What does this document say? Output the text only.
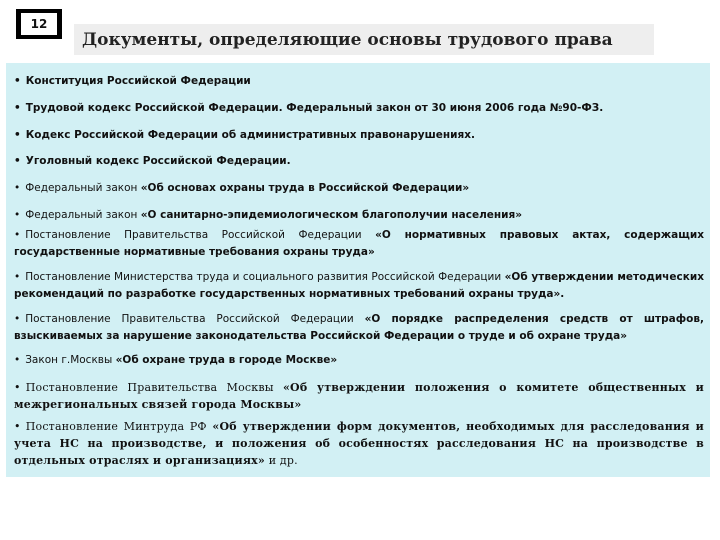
12
Документы, определяющие основы трудового права
• Конституция Российской Федерации
• Трудовой кодекс Российской Федерации. Федеральный закон от 30 июня 2006 года №90-ФЗ.
• Кодекс Российской Федерации об административных правонарушениях.
• Уголовный кодекс Российской Федерации.
• Федеральный закон «Об основах охраны труда в Российской Федерации»
• Федеральный закон «О санитарно-эпидемиологическом благополучии населения»
• Постановление Правительства Российской Федерации «О нормативных правовых актах, содержащих государственные нормативные требования охраны труда»
• Постановление Министерства труда и социального развития Российской Федерации «Об утверждении методических рекомендаций по разработке государственных нормативных требований охраны труда».
• Постановление Правительства Российской Федерации «О порядке распределения средств от штрафов, взыскиваемых за нарушение законодательства Российской Федерации о труде и об охране труда»
• Закон г.Москвы «Об охране труда в городе Москве»
• Постановление Правительства Москвы «Об утверждении положения о комитете общественных и межрегиональных связей города Москвы»
• Постановление Минтруда РФ «Об утверждении форм документов, необходимых для расследования и учета НС на производстве, и положения об особенностях расследования НС на производстве в отдельных отраслях и организациях» и др.
